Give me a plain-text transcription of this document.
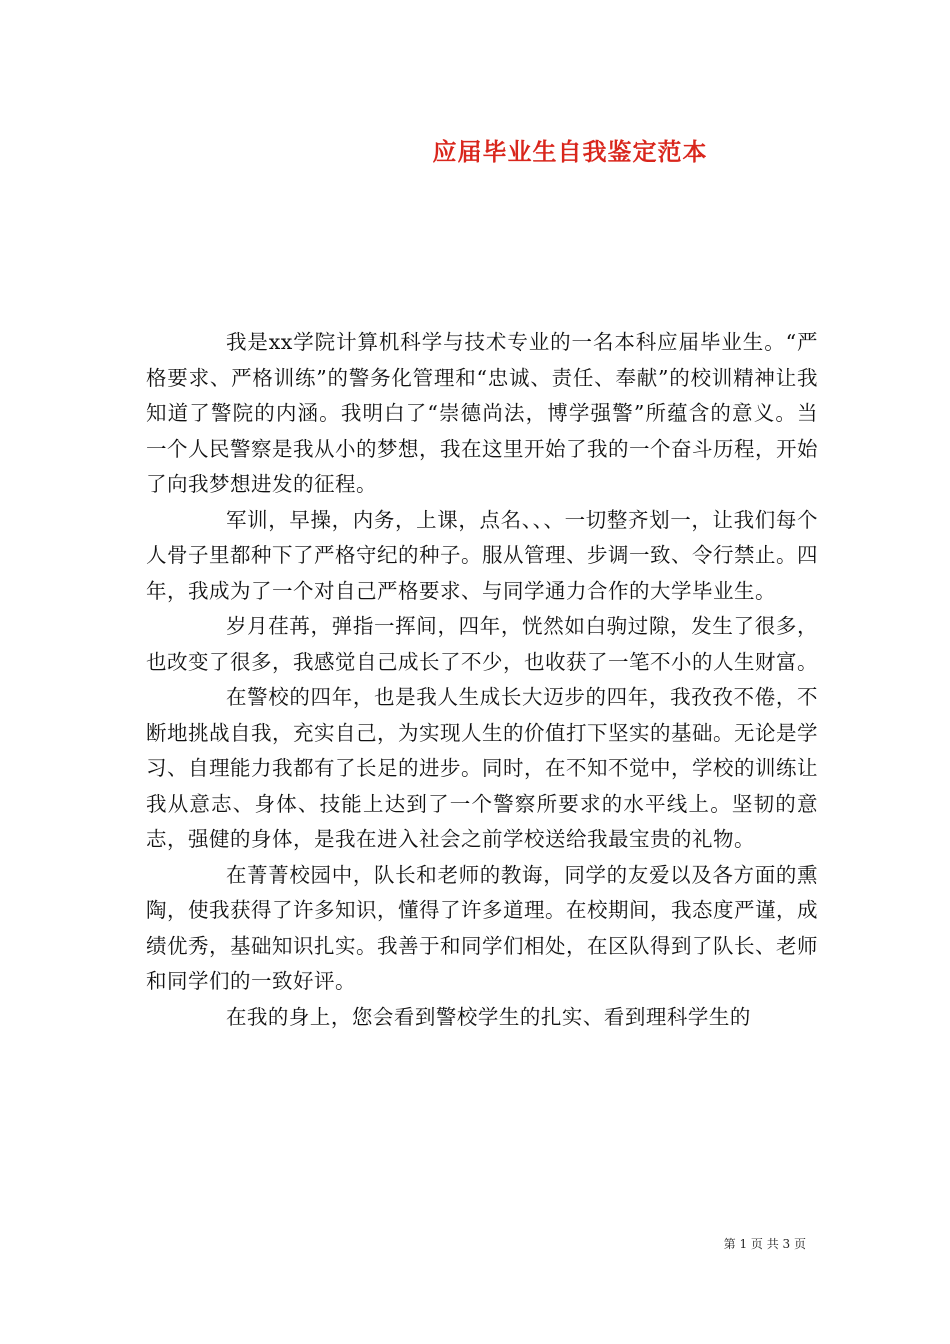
应届毕业生自我鉴定范本

我是xx学院计算机科学与技术专业的一名本科应届毕业生。“严格要求、严格训练”的警务化管理和“忠诚、责任、奉献”的校训精神让我知道了警院的内涵。我明白了“崇德尚法，博学强警”所蕴含的意义。当一个人民警察是我从小的梦想，我在这里开始了我的一个奋斗历程，开始了向我梦想进发的征程。

军训，早操，内务，上课，点名、、、一切整齐划一，让我们每个人骨子里都种下了严格守纪的种子。服从管理、步调一致、令行禁止。四年，我成为了一个对自己严格要求、与同学通力合作的大学毕业生。

岁月荏苒，弹指一挥间，四年，恍然如白驹过隙，发生了很多，也改变了很多，我感觉自己成长了不少，也收获了一笔不小的人生财富。

在警校的四年，也是我人生成长大迈步的四年，我孜孜不倦，不断地挑战自我，充实自己，为实现人生的价值打下坚实的基础。无论是学习、自理能力我都有了长足的进步。同时，在不知不觉中，学校的训练让我从意志、身体、技能上达到了一个警察所要求的水平线上。坚韧的意志，强健的身体，是我在进入社会之前学校送给我最宝贵的礼物。

在菁菁校园中，队长和老师的教诲，同学的友爱以及各方面的熏陶，使我获得了许多知识，懂得了许多道理。在校期间，我态度严谨，成绩优秀，基础知识扎实。我善于和同学们相处，在区队得到了队长、老师和同学们的一致好评。

在我的身上，您会看到警校学生的扎实、看到理科学生的

第 1 页 共 3 页
